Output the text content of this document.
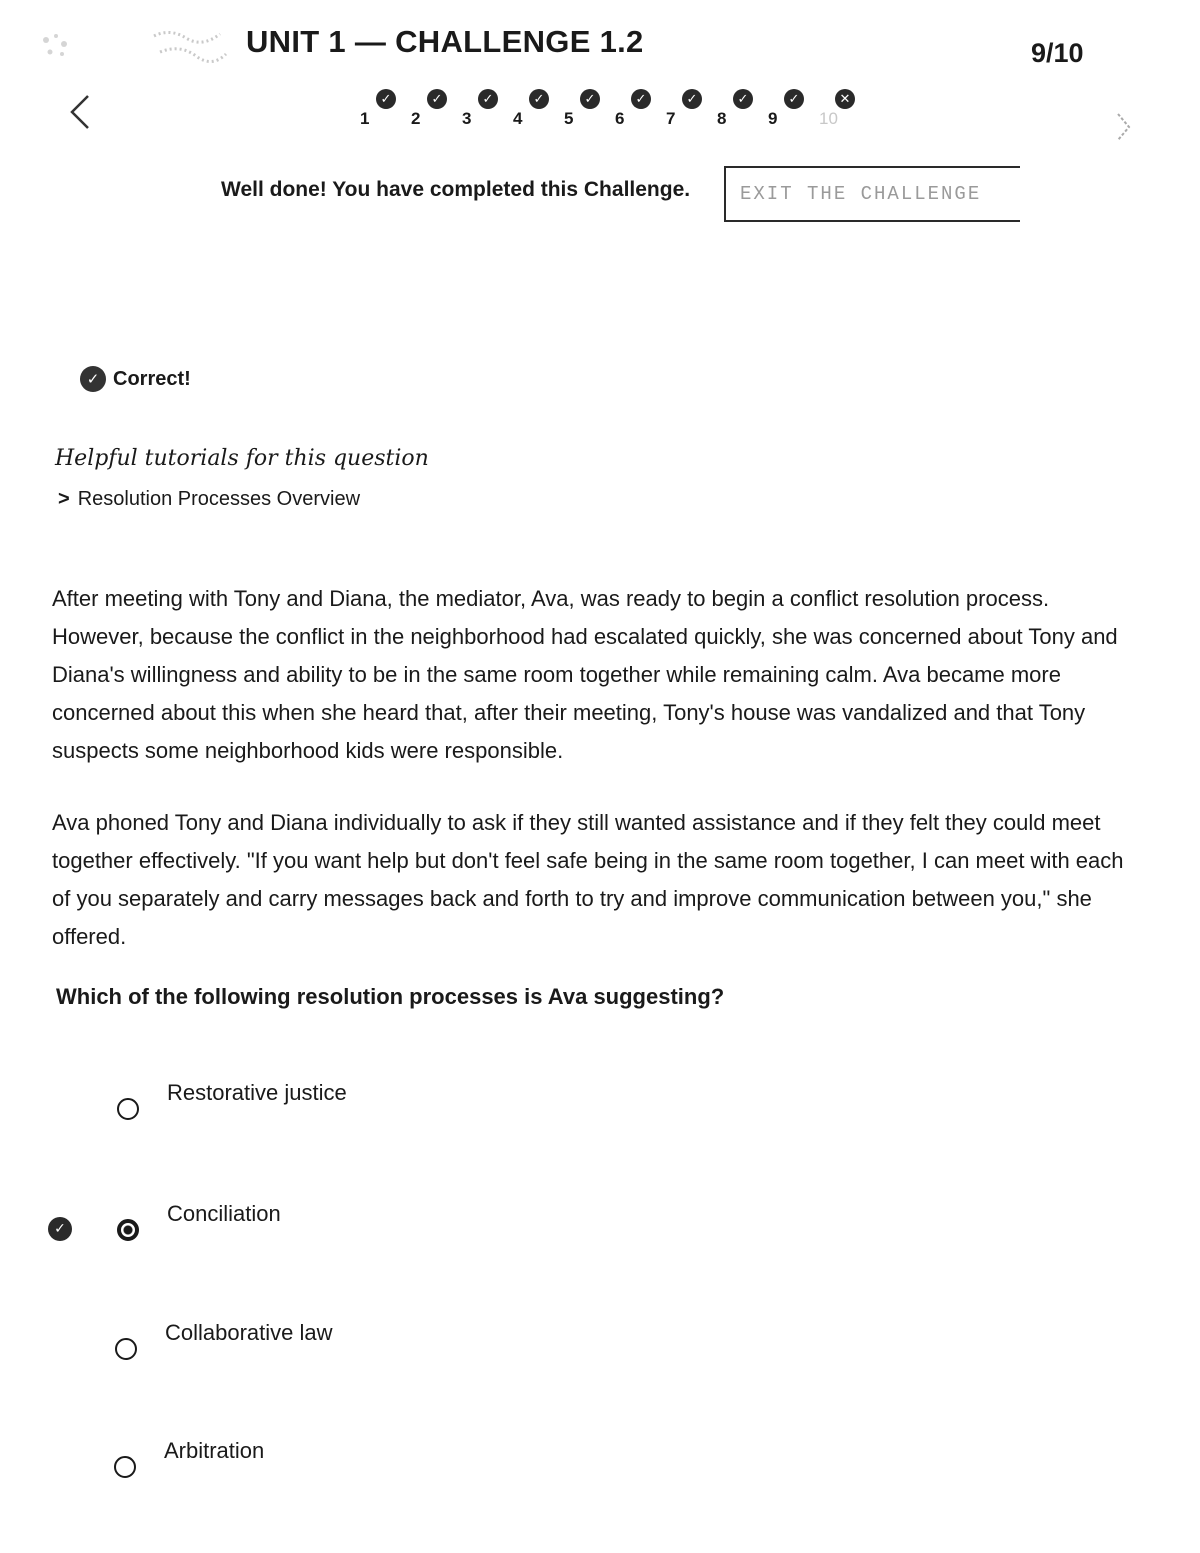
UNIT 1 — CHALLENGE 1.2	9/10
✓
1
✓
2
✓
3
✓
4
✓
5
✓
6
✓
7
✓
8
✓
9
✕
10
Well done! You have completed this Challenge.	EXIT THE CHALLENGE
✓ Correct!
Helpful tutorials for this question
> Resolution Processes Overview
After meeting with Tony and Diana, the mediator, Ava, was ready to begin a conflict resolution process. However, because the conflict in the neighborhood had escalated quickly, she was concerned about Tony and Diana's willingness and ability to be in the same room together while remaining calm. Ava became more concerned about this when she heard that, after their meeting, Tony's house was vandalized and that Tony suspects some neighborhood kids were responsible.
Ava phoned Tony and Diana individually to ask if they still wanted assistance and if they felt they could meet together effectively. "If you want help but don't feel safe being in the same room together, I can meet with each of you separately and carry messages back and forth to try and improve communication between you," she offered.
Which of the following resolution processes is Ava suggesting?
✓
Restorative justice
Conciliation
Collaborative law
Arbitration
